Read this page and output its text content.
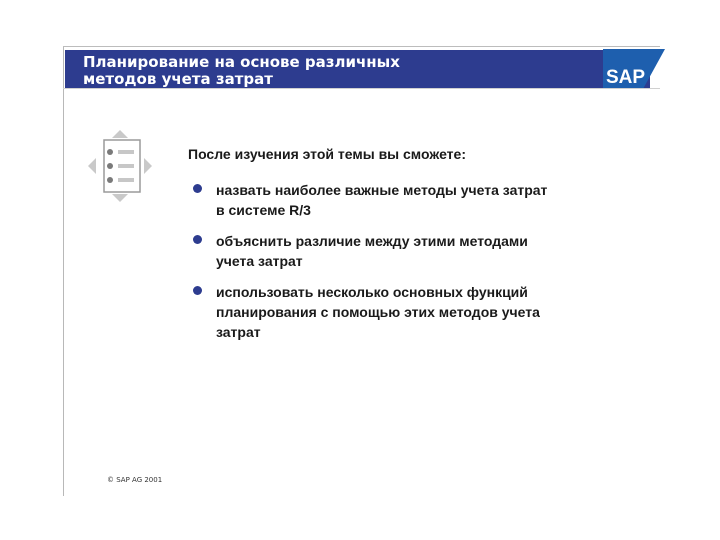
Планирование на основе различных
методов учета затрат	SAP
После изучения этой темы вы сможете:
назвать наиболее важные методы учета затрат
в системе R/3
объяснить различие между этими методами
учета затрат
использовать несколько основных функций
планирования с помощью этих методов учета
затрат
© SAP AG 2001
